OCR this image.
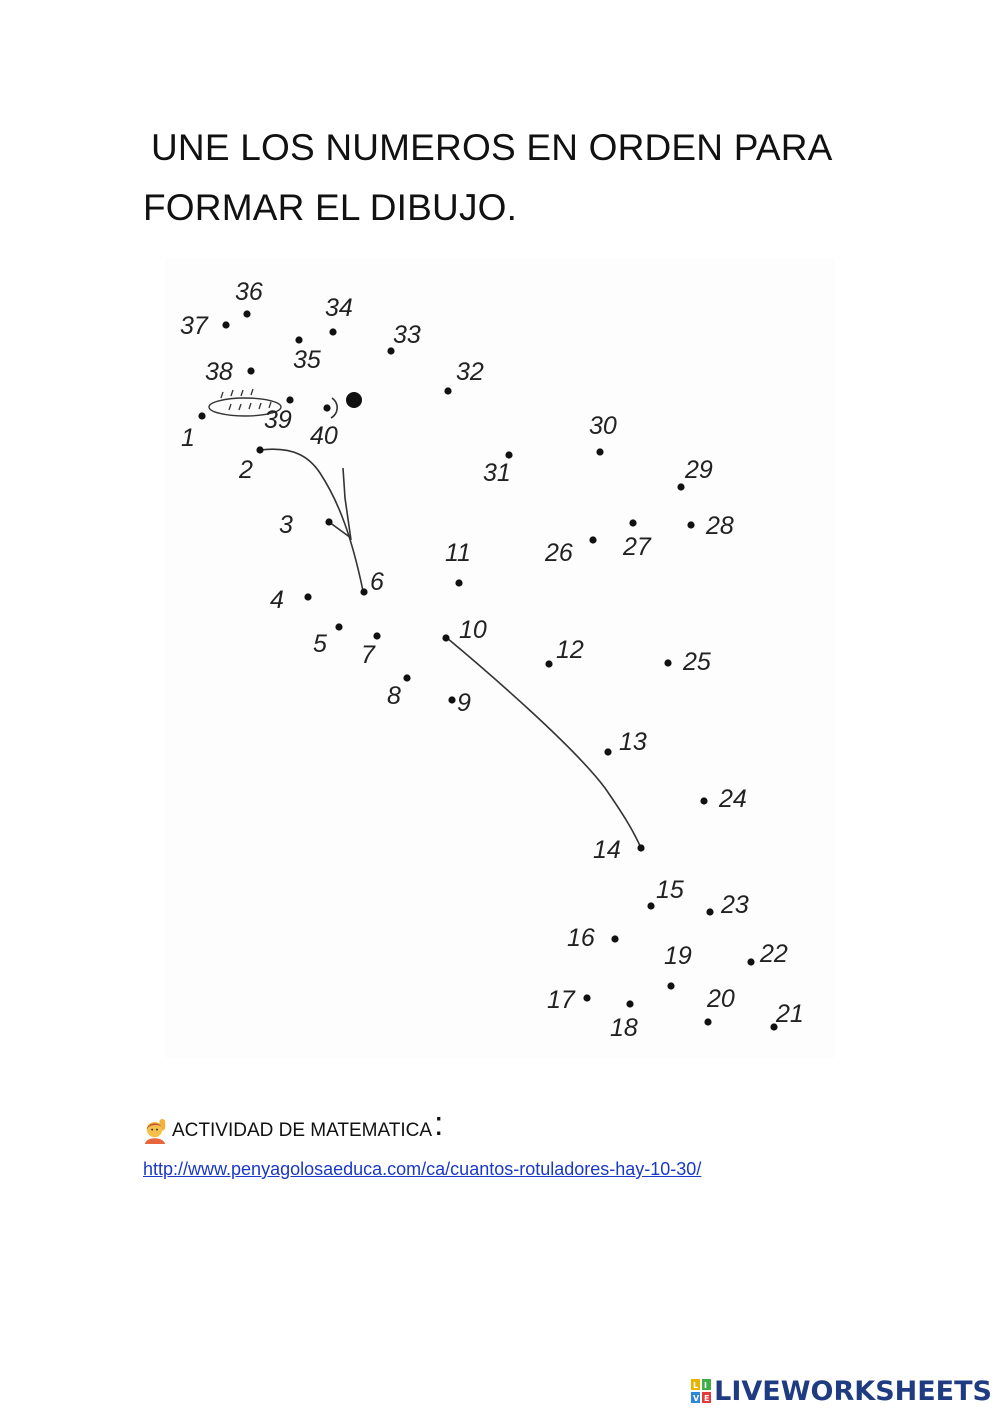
UNE LOS NUMEROS EN ORDEN PARA
FORMAR EL DIBUJO.
1
2
3
4
5
6
7
8 9
10
11
12
13
14
15
16
17
18
19
20
21
22
23
24
25
26 27
28
29
30
31
32
33
34
35
36
37
38
39
40
ACTIVIDAD DE MATEMATICA :
http://www.penyagolosaeduca.com/ca/cuantos-rotuladores-hay-10-30/
L I
V E LIVEWORKSHEETS
